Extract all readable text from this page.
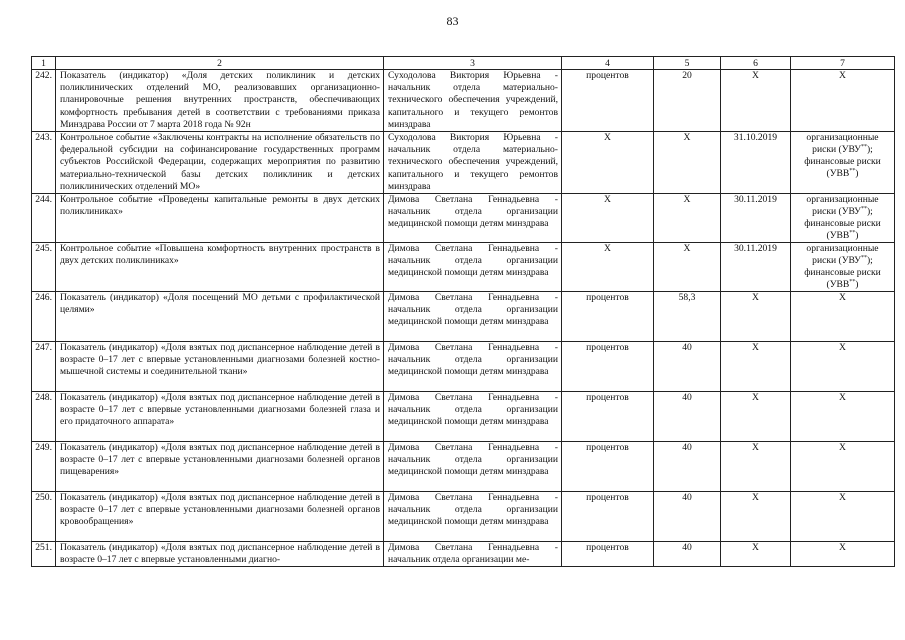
83
1	2	3	4	5	6	7
242.	Показатель (индикатор) «Доля детских поликлиник и детских поликлинических отделений МО, реализовавших организационно-планировочные решения внутренних пространств, обеспечивающих комфортность пребывания детей в соответствии с требованиями приказа Минздрава России от 7 марта 2018 года № 92н	Суходолова Виктория Юрьевна - начальник отдела материально-технического обеспечения учреждений, капитального и текущего ремонтов минздрава	процентов	20	X	X
243.	Контрольное событие «Заключены контракты на исполнение обязательств по федеральной субсидии на софинансирование государственных программ субъектов Российской Федерации, содержащих мероприятия по развитию материально-технической базы детских поликлиник и детских поликлинических отделений МО»	Суходолова Виктория Юрьевна - начальник отдела материально-технического обеспечения учреждений, капитального и текущего ремонтов минздрава	X	X	31.10.2019	организационные риски (УВУ**); финансовые риски (УВВ**)
244.	Контрольное событие «Проведены капитальные ремонты в двух детских поликлиниках»	Димова Светлана Геннадьевна - начальник отдела организации медицинской помощи детям минздрава	X	X	30.11.2019	организационные риски (УВУ**); финансовые риски (УВВ**)
245.	Контрольное событие «Повышена комфортность внутренних пространств в двух детских поликлиниках»	Димова Светлана Геннадьевна - начальник отдела организации медицинской помощи детям минздрава	X	X	30.11.2019	организационные риски (УВУ**); финансовые риски (УВВ**)
246.	Показатель (индикатор) «Доля посещений МО детьми с профилактической целями»	Димова Светлана Геннадьевна - начальник отдела организации медицинской помощи детям минздрава	процентов	58,3	X	X
247.	Показатель (индикатор) «Доля взятых под диспансерное наблюдение детей в возрасте 0–17 лет с впервые установленными диагнозами болезней костно-мышечной системы и соединительной ткани»	Димова Светлана Геннадьевна - начальник отдела организации медицинской помощи детям минздрава	процентов	40	X	X
248.	Показатель (индикатор) «Доля взятых под диспансерное наблюдение детей в возрасте 0–17 лет с впервые установленными диагнозами болезней глаза и его придаточного аппарата»	Димова Светлана Геннадьевна - начальник отдела организации медицинской помощи детям минздрава	процентов	40	X	X
249.	Показатель (индикатор) «Доля взятых под диспансерное наблюдение детей в возрасте 0–17 лет с впервые установленными диагнозами болезней органов пищеварения»	Димова Светлана Геннадьевна - начальник отдела организации медицинской помощи детям минздрава	процентов	40	X	X
250.	Показатель (индикатор) «Доля взятых под диспансерное наблюдение детей в возрасте 0–17 лет с впервые установленными диагнозами болезней органов кровообращения»	Димова Светлана Геннадьевна - начальник отдела организации медицинской помощи детям минздрава	процентов	40	X	X
251.	Показатель (индикатор) «Доля взятых под диспансерное наблюдение детей в возрасте 0–17 лет с впервые установленными диагно-	Димова Светлана Геннадьевна - начальник отдела организации ме-	процентов	40	X	X
